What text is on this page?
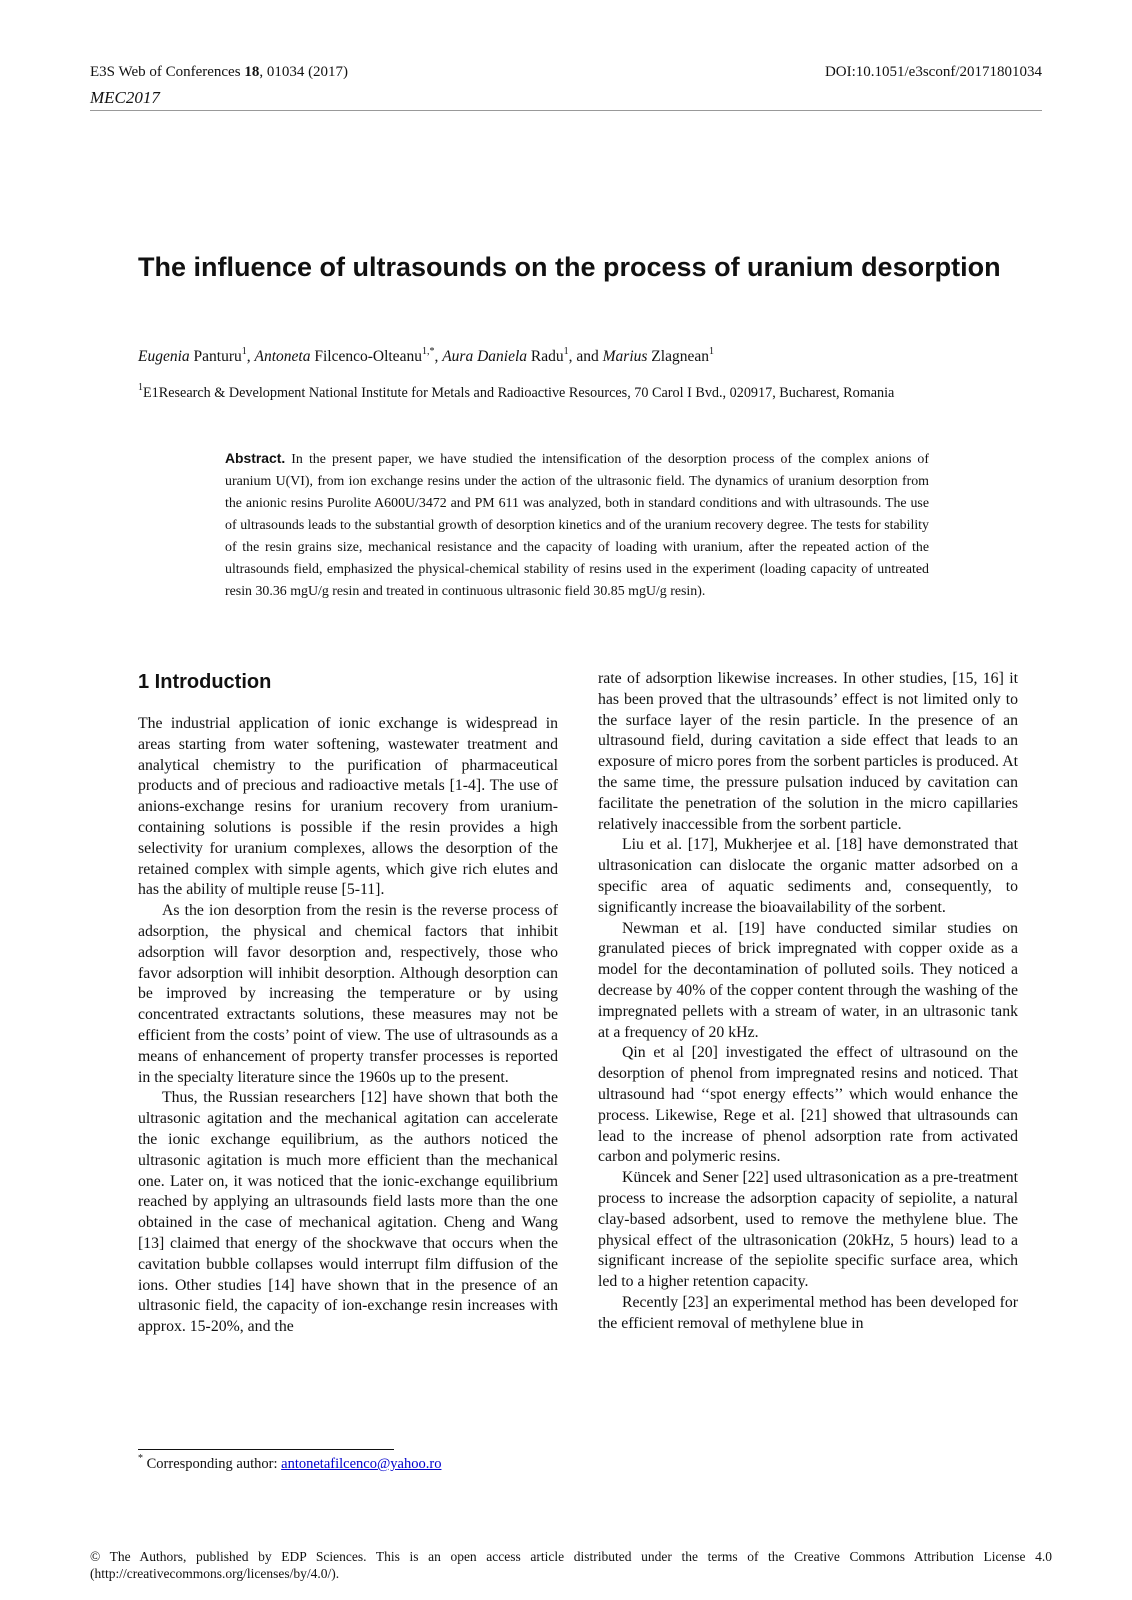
E3S Web of Conferences 18, 01034 (2017)	DOI:10.1051/e3sconf/20171801034
MEC2017
The influence of ultrasounds on the process of uranium desorption
Eugenia Panturu$^1$, Antoneta Filcenco-Olteanu$^{1,*}$, Aura Daniela Radu$^1$, and Marius Zlagnean$^1$
$^1$E1Research & Development National Institute for Metals and Radioactive Resources, 70 Carol I Bvd., 020917, Bucharest, Romania
Abstract. In the present paper, we have studied the intensification of the desorption process of the complex anions of uranium U(VI), from ion exchange resins under the action of the ultrasonic field. The dynamics of uranium desorption from the anionic resins Purolite A600U/3472 and PM 611 was analyzed, both in standard conditions and with ultrasounds. The use of ultrasounds leads to the substantial growth of desorption kinetics and of the uranium recovery degree. The tests for stability of the resin grains size, mechanical resistance and the capacity of loading with uranium, after the repeated action of the ultrasounds field, emphasized the physical-chemical stability of resins used in the experiment (loading capacity of untreated resin 30.36 mgU/g resin and treated in continuous ultrasonic field 30.85 mgU/g resin).
1 Introduction

The industrial application of ionic exchange is widespread in areas starting from water softening, wastewater treatment and analytical chemistry to the purification of pharmaceutical products and of precious and radioactive metals [1-4]. The use of anions-exchange resins for uranium recovery from uranium-containing solutions is possible if the resin provides a high selectivity for uranium complexes, allows the desorption of the retained complex with simple agents, which give rich elutes and has the ability of multiple reuse [5-11].

As the ion desorption from the resin is the reverse process of adsorption, the physical and chemical factors that inhibit adsorption will favor desorption and, respectively, those who favor adsorption will inhibit desorption. Although desorption can be improved by increasing the temperature or by using concentrated extractants solutions, these measures may not be efficient from the costs’ point of view. The use of ultrasounds as a means of enhancement of property transfer processes is reported in the specialty literature since the 1960s up to the present.

Thus, the Russian researchers [12] have shown that both the ultrasonic agitation and the mechanical agitation can accelerate the ionic exchange equilibrium, as the authors noticed the ultrasonic agitation is much more efficient than the mechanical one. Later on, it was noticed that the ionic-exchange equilibrium reached by applying an ultrasounds field lasts more than the one obtained in the case of mechanical agitation. Cheng and Wang [13] claimed that energy of the shockwave that occurs when the cavitation bubble collapses would interrupt film diffusion of the ions. Other studies [14] have shown that in the presence of an ultrasonic field, the capacity of ion-exchange resin increases with approx. 15-20%, and the

rate of adsorption likewise increases. In other studies, [15, 16] it has been proved that the ultrasounds’ effect is not limited only to the surface layer of the resin particle. In the presence of an ultrasound field, during cavitation a side effect that leads to an exposure of micro pores from the sorbent particles is produced. At the same time, the pressure pulsation induced by cavitation can facilitate the penetration of the solution in the micro capillaries relatively inaccessible from the sorbent particle.

Liu et al. [17], Mukherjee et al. [18] have demonstrated that ultrasonication can dislocate the organic matter adsorbed on a specific area of aquatic sediments and, consequently, to significantly increase the bioavailability of the sorbent.

Newman et al. [19] have conducted similar studies on granulated pieces of brick impregnated with copper oxide as a model for the decontamination of polluted soils. They noticed a decrease by 40% of the copper content through the washing of the impregnated pellets with a stream of water, in an ultrasonic tank at a frequency of 20 kHz.

Qin et al [20] investigated the effect of ultrasound on the desorption of phenol from impregnated resins and noticed. That ultrasound had ‘‘spot energy effects’’ which would enhance the process. Likewise, Rege et al. [21] showed that ultrasounds can lead to the increase of phenol adsorption rate from activated carbon and polymeric resins.

Küncek and Sener [22] used ultrasonication as a pre-treatment process to increase the adsorption capacity of sepiolite, a natural clay-based adsorbent, used to remove the methylene blue. The physical effect of the ultrasonication (20kHz, 5 hours) lead to a significant increase of the sepiolite specific surface area, which led to a higher retention capacity.

Recently [23] an experimental method has been developed for the efficient removal of methylene blue in

* Corresponding author: antonetafilcenco@yahoo.ro
© The Authors, published by EDP Sciences. This is an open access article distributed under the terms of the Creative Commons Attribution License 4.0 (http://creativecommons.org/licenses/by/4.0/).
